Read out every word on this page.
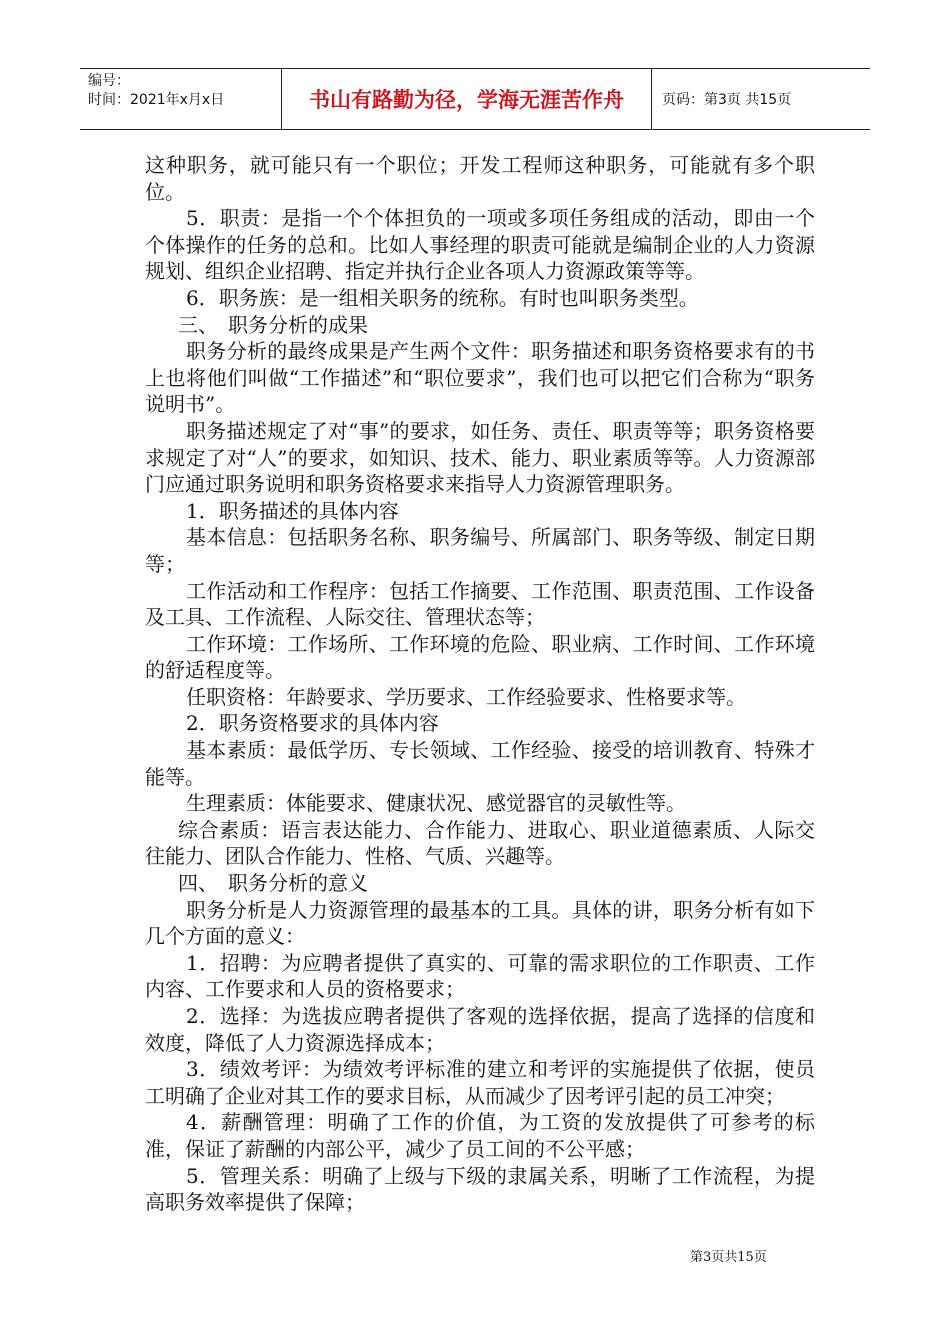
编号：
时间：2021年x月x日	书山有路勤为径，学海无涯苦作舟	页码：第3页 共15页

这种职务，就可能只有一个职位；开发工程师这种职务，可能就有多个职位。

5．职责：是指一个个体担负的一项或多项任务组成的活动，即由一个个体操作的任务的总和。比如人事经理的职责可能就是编制企业的人力资源规划、组织企业招聘、指定并执行企业各项人力资源政策等等。

6．职务族：是一组相关职务的统称。有时也叫职务类型。

三、　职务分析的成果

职务分析的最终成果是产生两个文件：职务描述和职务资格要求有的书上也将他们叫做“工作描述”和“职位要求”，我们也可以把它们合称为“职务说明书”。

职务描述规定了对“事”的要求，如任务、责任、职责等等；职务资格要求规定了对“人”的要求，如知识、技术、能力、职业素质等等。人力资源部门应通过职务说明和职务资格要求来指导人力资源管理职务。

1．职务描述的具体内容

基本信息：包括职务名称、职务编号、所属部门、职务等级、制定日期等；

工作活动和工作程序：包括工作摘要、工作范围、职责范围、工作设备及工具、工作流程、人际交往、管理状态等；

工作环境：工作场所、工作环境的危险、职业病、工作时间、工作环境的舒适程度等。

任职资格：年龄要求、学历要求、工作经验要求、性格要求等。

2．职务资格要求的具体内容

基本素质：最低学历、专长领域、工作经验、接受的培训教育、特殊才能等。

生理素质：体能要求、健康状况、感觉器官的灵敏性等。

综合素质：语言表达能力、合作能力、进取心、职业道德素质、人际交往能力、团队合作能力、性格、气质、兴趣等。

四、　职务分析的意义

职务分析是人力资源管理的最基本的工具。具体的讲，职务分析有如下几个方面的意义：

1．招聘：为应聘者提供了真实的、可靠的需求职位的工作职责、工作内容、工作要求和人员的资格要求；

2．选择：为选拔应聘者提供了客观的选择依据，提高了选择的信度和效度，降低了人力资源选择成本；

3．绩效考评：为绩效考评标准的建立和考评的实施提供了依据，使员工明确了企业对其工作的要求目标，从而减少了因考评引起的员工冲突；

4．薪酬管理：明确了工作的价值，为工资的发放提供了可参考的标准，保证了薪酬的内部公平，减少了员工间的不公平感；

5．管理关系：明确了上级与下级的隶属关系，明晰了工作流程，为提高职务效率提供了保障；

第3页共15页
